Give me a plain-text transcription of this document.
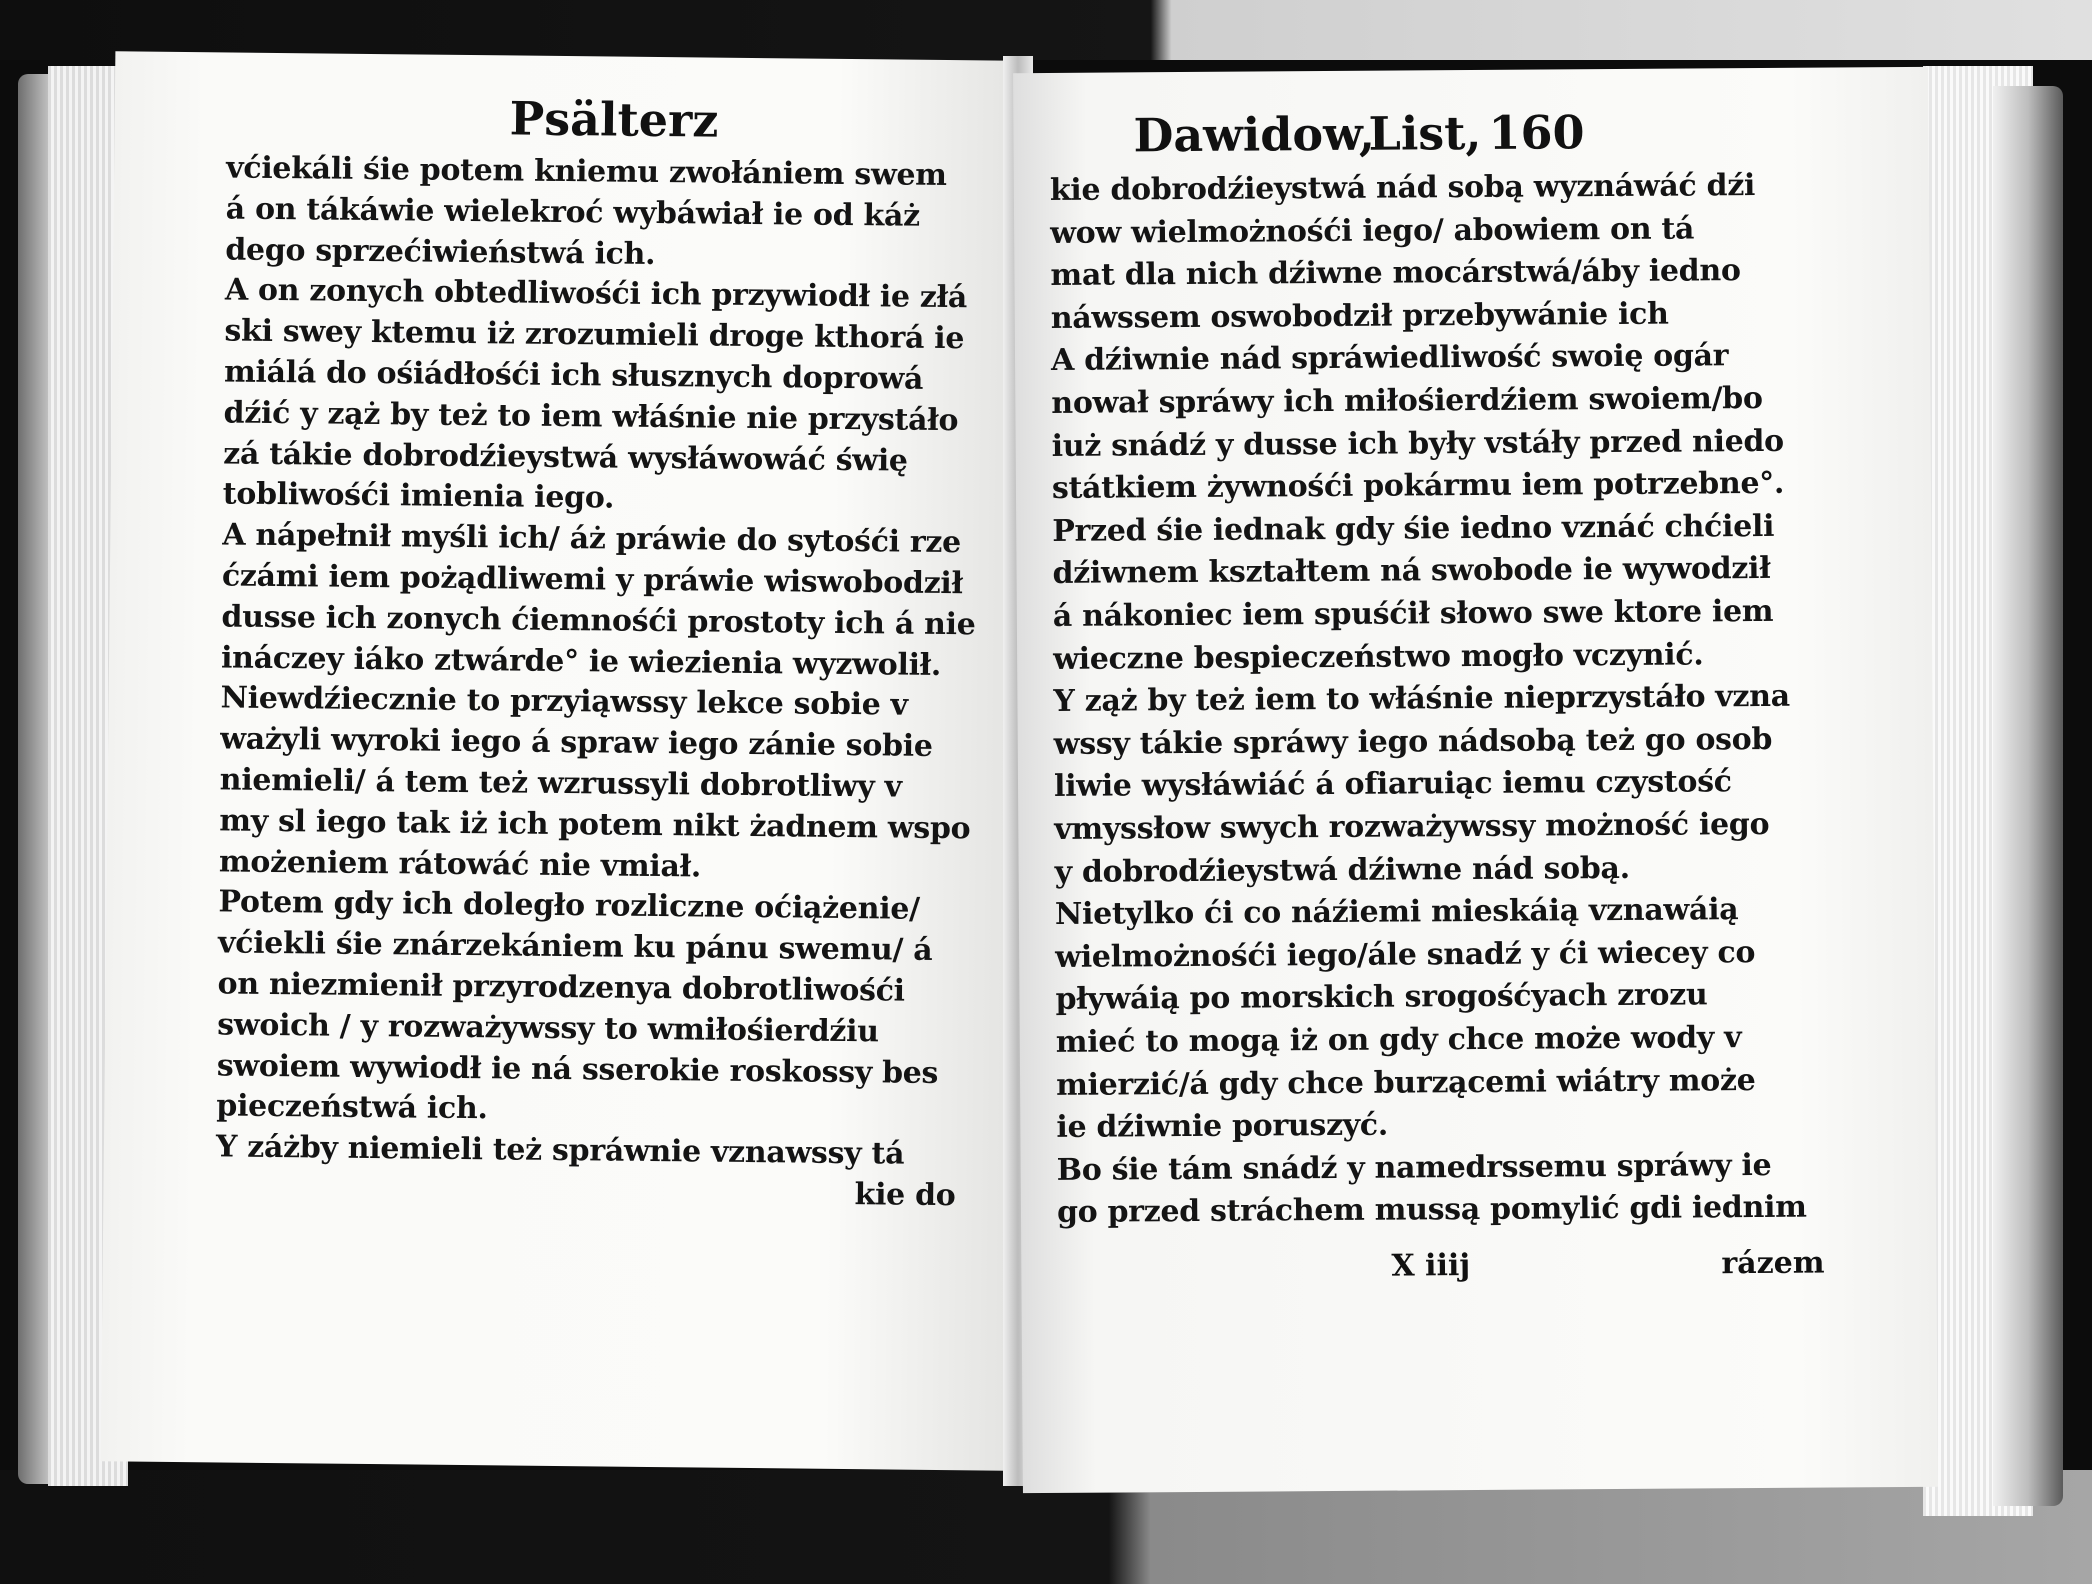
Psälterz
vćiekáli śie potem kniemu zwołániem swem
á on tákáwie wielekroć wybáwiał ie od káż
dego sprzećiwieństwá ich.
A on zonych obtedliwośći ich przywiodł ie złá
ski swey ktemu iż zrozumieli droge kthorá ie
miálá do ośiádłośći ich słusznych doprowá
dźić y ząż by też to iem włáśnie nie przystáło
zá tákie dobrodźieystwá wysłáwowáć świę
tobliwośći imienia iego.
A nápełnił myśli ich/ áż práwie do sytośći rze
ćzámi iem pożądliwemi y práwie wiswobodził
dusse ich zonych ćiemnośći prostoty ich á nie
ináczey iáko ztwárde° ie wiezienia wyzwolił.
Niewdźiecznie to przyiąwssy lekce sobie v
ważyli wyroki iego á spraw iego zánie sobie
niemieli/ á tem też wzrussyli dobrotliwy v
my sl iego tak iż ich potem nikt żadnem wspo
możeniem rátowáć nie vmiał.
Potem gdy ich doległo rozliczne oćiążenie/
vćiekli śie znárzekániem ku pánu swemu/ á
on niezmienił przyrodzenya dobrotliwośći
swoich / y rozważywssy to wmiłośierdźiu
swoiem wywiodł ie ná sserokie roskossy bes
pieczeństwá ich.
Y záżby niemieli też spráwnie vznawssy tá
kie do
Dawidow,
List, 160
kie dobrodźieystwá nád sobą wyznáwáć dźi
wow wielmożnośći iego/ abowiem on tá
mat dla nich dźiwne mocárstwá/áby iedno
náwssem oswobodził przebywánie ich
A dźiwnie nád spráwiedliwość swoię ogár
nował spráwy ich miłośierdźiem swoiem/bo
iuż snádź y dusse ich były vstáły przed niedo
státkiem żywnośći pokármu iem potrzebne°.
Przed śie iednak gdy śie iedno vznáć chćieli
dźiwnem kształtem ná swobode ie wywodził
á nákoniec iem spuśćił słowo swe ktore iem
wieczne bespieczeństwo mogło vczynić.
Y ząż by też iem to włáśnie nieprzystáło vzna
wssy tákie spráwy iego nádsobą też go osob
liwie wysłáwiáć á ofiaruiąc iemu czystość
vmyssłow swych rozważywssy możność iego
y dobrodźieystwá dźiwne nád sobą.
Nietylko ći co náźiemi mieskáią vznawáią
wielmożnośći iego/ále snadź y ći wiecey co
pływáią po morskich srogośćyach zrozu
mieć to mogą iż on gdy chce może wody v
mierzić/á gdy chce burzącemi wiátry może
ie dźiwnie poruszyć.
Bo śie tám snádź y namedrssemu spráwy ie
go przed stráchem mussą pomylić gdi iednim
X iiij	rázem
